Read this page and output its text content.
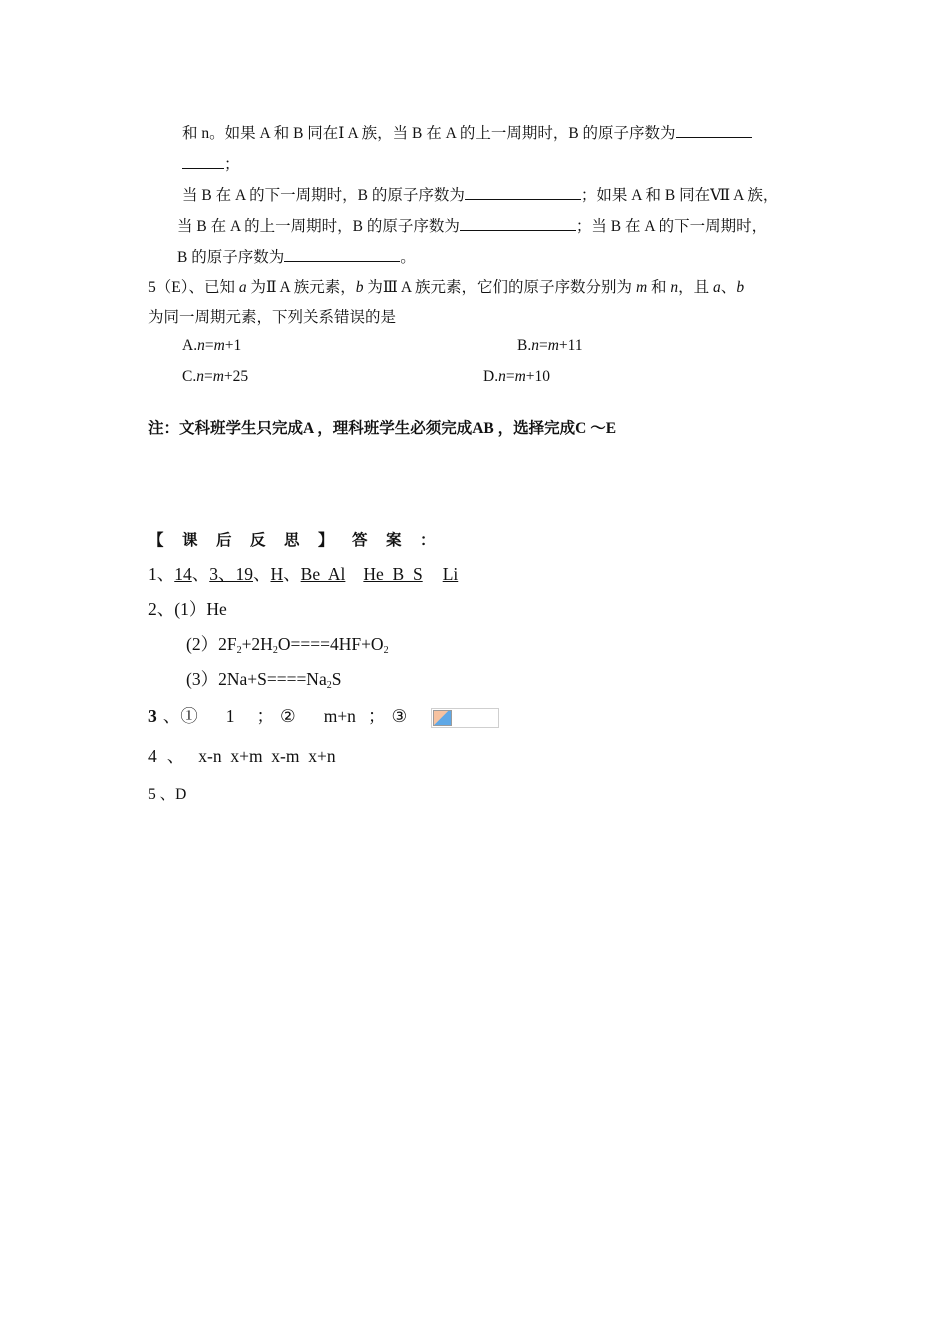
和 n。如果 A 和 B 同在Ⅰ A 族，当 B 在 A 的上一周期时，B 的原子序数为
；
当 B 在 A 的下一周期时，B 的原子序数为	；如果 A 和 B 同在Ⅶ A 族，
当 B 在 A 的上一周期时，B 的原子序数为	；当 B 在 A 的下一周期时，
B 的原子序数为	。
5（E）、已知 a 为Ⅱ A 族元素，b 为Ⅲ A 族元素，它们的原子序数分别为 m 和 n，且 a、b
为同一周期元素，下列关系错误的是
A.n=m+1	B.n=m+11
C.n=m+25	D.n=m+10
注：文科班学生只完成A ，理科班学生必须完成AB ，选择完成C ～E
【 课 后 反 思 】 答 案 ：
1、14、3、19、H、Be  Al He  B  S Li
2、(1）He
$(2)2F_2+2H_2O====4HF+O_2$
$(3)2Na+S====Na_2S$
3 、① 1 ； ② m+n ； ③
4 、 x-n  x+m  x-m  x+n
5 、D
